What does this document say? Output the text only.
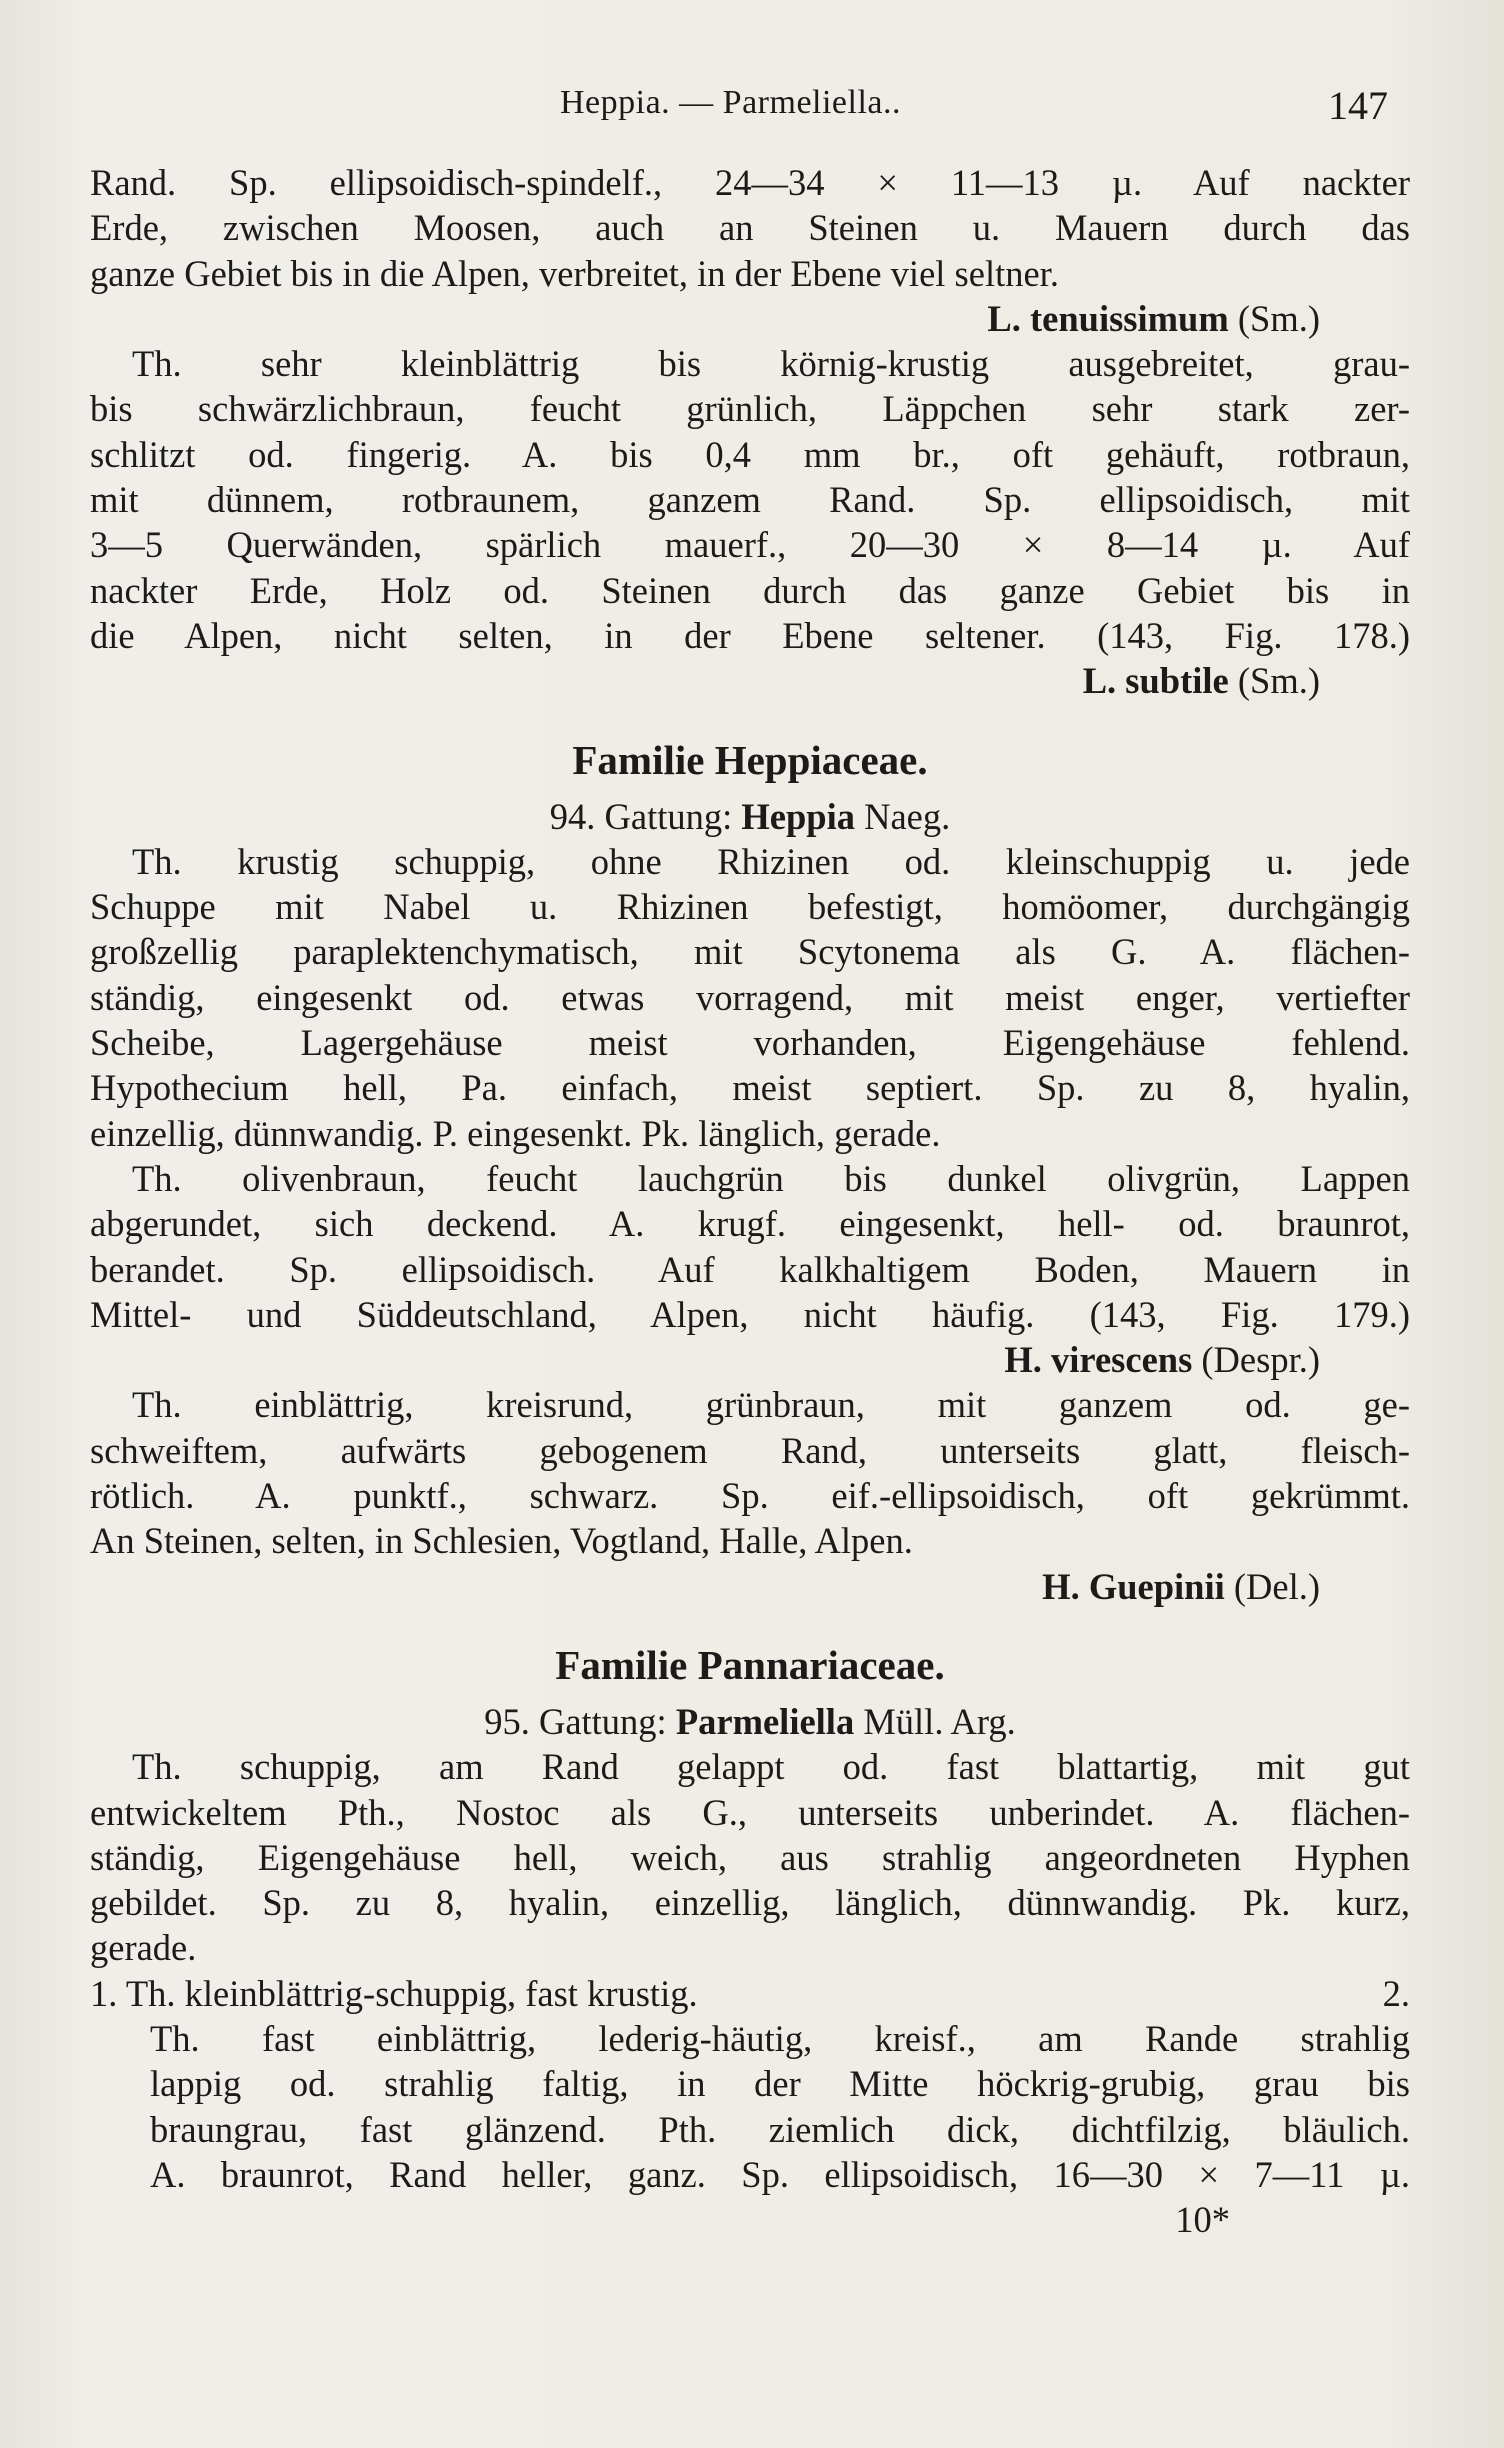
Heppia. — Parmeliella..	147
Rand. Sp. ellipsoidisch-spindelf., 24—34 × 11—13 µ. Auf nackter
Erde, zwischen Moosen, auch an Steinen u. Mauern durch das
ganze Gebiet bis in die Alpen, verbreitet, in der Ebene viel seltner.
L. tenuissimum (Sm.)
Th. sehr kleinblättrig bis körnig-krustig ausgebreitet, grau-
bis schwärzlichbraun, feucht grünlich, Läppchen sehr stark zer-
schlitzt od. fingerig. A. bis 0,4 mm br., oft gehäuft, rotbraun,
mit dünnem, rotbraunem, ganzem Rand. Sp. ellipsoidisch, mit
3—5 Querwänden, spärlich mauerf., 20—30 × 8—14 µ. Auf
nackter Erde, Holz od. Steinen durch das ganze Gebiet bis in
die Alpen, nicht selten, in der Ebene seltener. (143, Fig. 178.)
L. subtile (Sm.)
Familie Heppiaceae.
94. Gattung: Heppia Naeg.
Th. krustig schuppig, ohne Rhizinen od. kleinschuppig u. jede
Schuppe mit Nabel u. Rhizinen befestigt, homöomer, durchgängig
großzellig paraplektenchymatisch, mit Scytonema als G. A. flächen-
ständig, eingesenkt od. etwas vorragend, mit meist enger, vertiefter
Scheibe, Lagergehäuse meist vorhanden, Eigengehäuse fehlend.
Hypothecium hell, Pa. einfach, meist septiert. Sp. zu 8, hyalin,
einzellig, dünnwandig. P. eingesenkt. Pk. länglich, gerade.
Th. olivenbraun, feucht lauchgrün bis dunkel olivgrün, Lappen
abgerundet, sich deckend. A. krugf. eingesenkt, hell- od. braunrot,
berandet. Sp. ellipsoidisch. Auf kalkhaltigem Boden, Mauern in
Mittel- und Süddeutschland, Alpen, nicht häufig. (143, Fig. 179.)
H. virescens (Despr.)
Th. einblättrig, kreisrund, grünbraun, mit ganzem od. ge-
schweiftem, aufwärts gebogenem Rand, unterseits glatt, fleisch-
rötlich. A. punktf., schwarz. Sp. eif.-ellipsoidisch, oft gekrümmt.
An Steinen, selten, in Schlesien, Vogtland, Halle, Alpen.
H. Guepinii (Del.)
Familie Pannariaceae.
95. Gattung: Parmeliella Müll. Arg.
Th. schuppig, am Rand gelappt od. fast blattartig, mit gut
entwickeltem Pth., Nostoc als G., unterseits unberindet. A. flächen-
ständig, Eigengehäuse hell, weich, aus strahlig angeordneten Hyphen
gebildet. Sp. zu 8, hyalin, einzellig, länglich, dünnwandig. Pk. kurz,
gerade.
1. Th. kleinblättrig-schuppig, fast krustig.	2.
Th. fast einblättrig, lederig-häutig, kreisf., am Rande strahlig
lappig od. strahlig faltig, in der Mitte höckrig-grubig, grau bis
braungrau, fast glänzend. Pth. ziemlich dick, dichtfilzig, bläulich.
A. braunrot, Rand heller, ganz. Sp. ellipsoidisch, 16—30 × 7—11 µ.
10*
